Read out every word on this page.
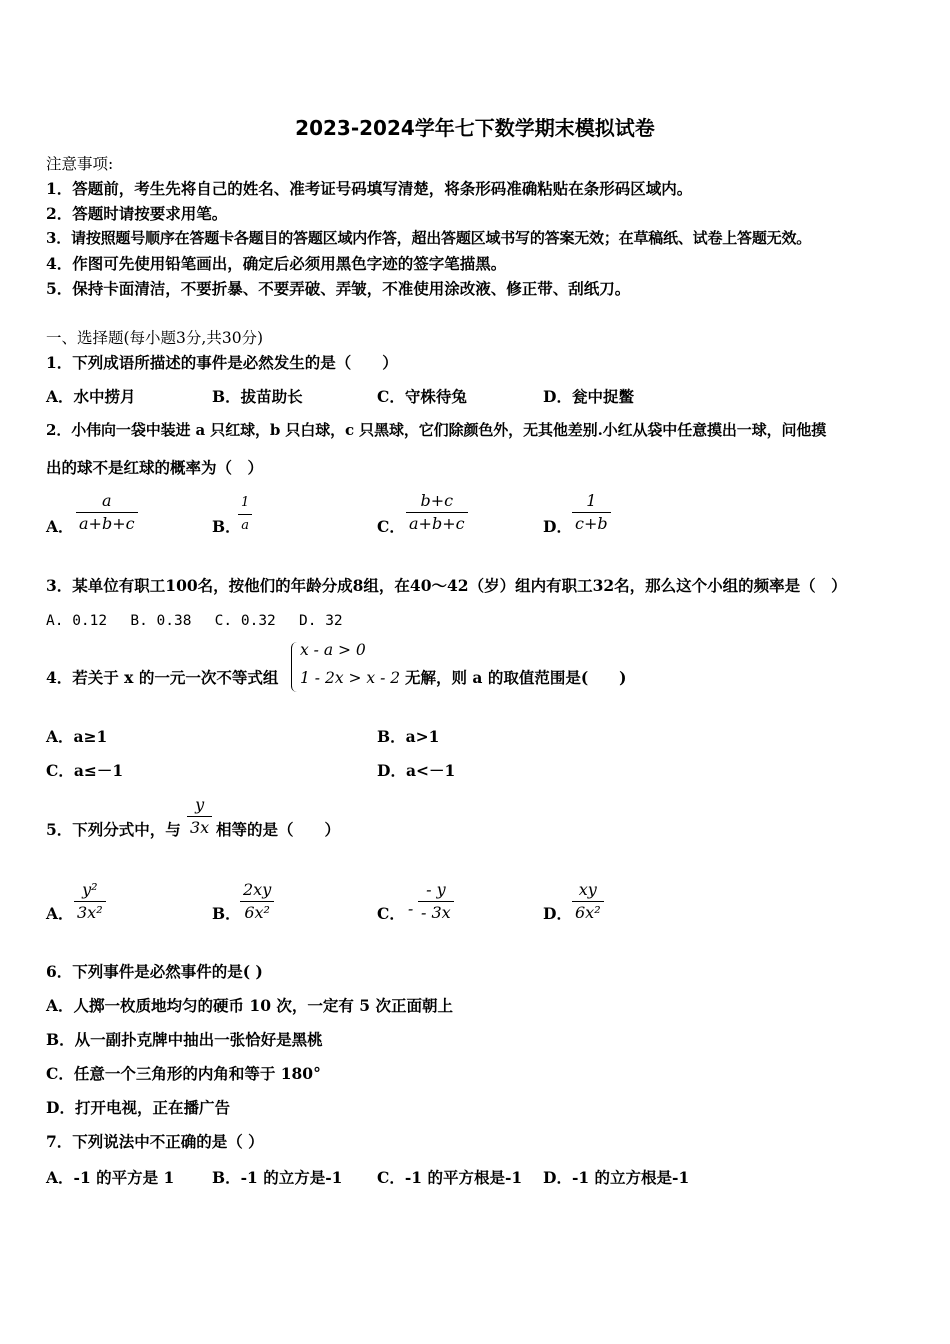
2023-2024学年七下数学期末模拟试卷
注意事项:
1．答题前，考生先将自己的姓名、准考证号码填写清楚，将条形码准确粘贴在条形码区域内。
2．答题时请按要求用笔。
3．请按照题号顺序在答题卡各题目的答题区域内作答，超出答题区域书写的答案无效；在草稿纸、试卷上答题无效。
4．作图可先使用铅笔画出，确定后必须用黑色字迹的签字笔描黑。
5．保持卡面清洁，不要折暴、不要弄破、弄皱，不准使用涂改液、修正带、刮纸刀。
一、选择题(每小题3分,共30分)
1．下列成语所描述的事件是必然发生的是（　　）
A．水中捞月	B．拔苗助长	C．守株待兔	D．瓮中捉鳖
2．小伟向一袋中装进 a 只红球，b 只白球，c 只黑球，它们除颜色外，无其他差别.小红从袋中任意摸出一球，问他摸
出的球不是红球的概率为（　）
A．
a
a+b+c	B．
1
a	C．
b+c
a+b+c	D．
1
c+b
3．某单位有职工100名，按他们的年龄分成8组，在40～42（岁）组内有职工32名，那么这个小组的频率是（　）
A. 0.12　 B. 0.38　 C. 0.32　 D. 32
4．若关于 x 的一元一次不等式组
x - a > 0
1 - 2x > x - 2 无解，则 a 的取值范围是(　　)
A．a≥1	B．a>1
C．a≤－1	D．a<－1
5．下列分式中，与
y
3x 相等的是（　　）
A．
y²
3x²	B．
2xy
6x²	C． -
- y
- 3x	D．
xy
6x²
6．下列事件是必然事件的是( )
A．人掷一枚质地均匀的硬币 10 次，一定有 5 次正面朝上
B．从一副扑克牌中抽出一张恰好是黑桃
C．任意一个三角形的内角和等于 180°
D．打开电视，正在播广告
7．下列说法中不正确的是（ ）
A．-1 的平方是 1 B．-1 的立方是-1 C．-1 的平方根是-1 D．-1 的立方根是-1
